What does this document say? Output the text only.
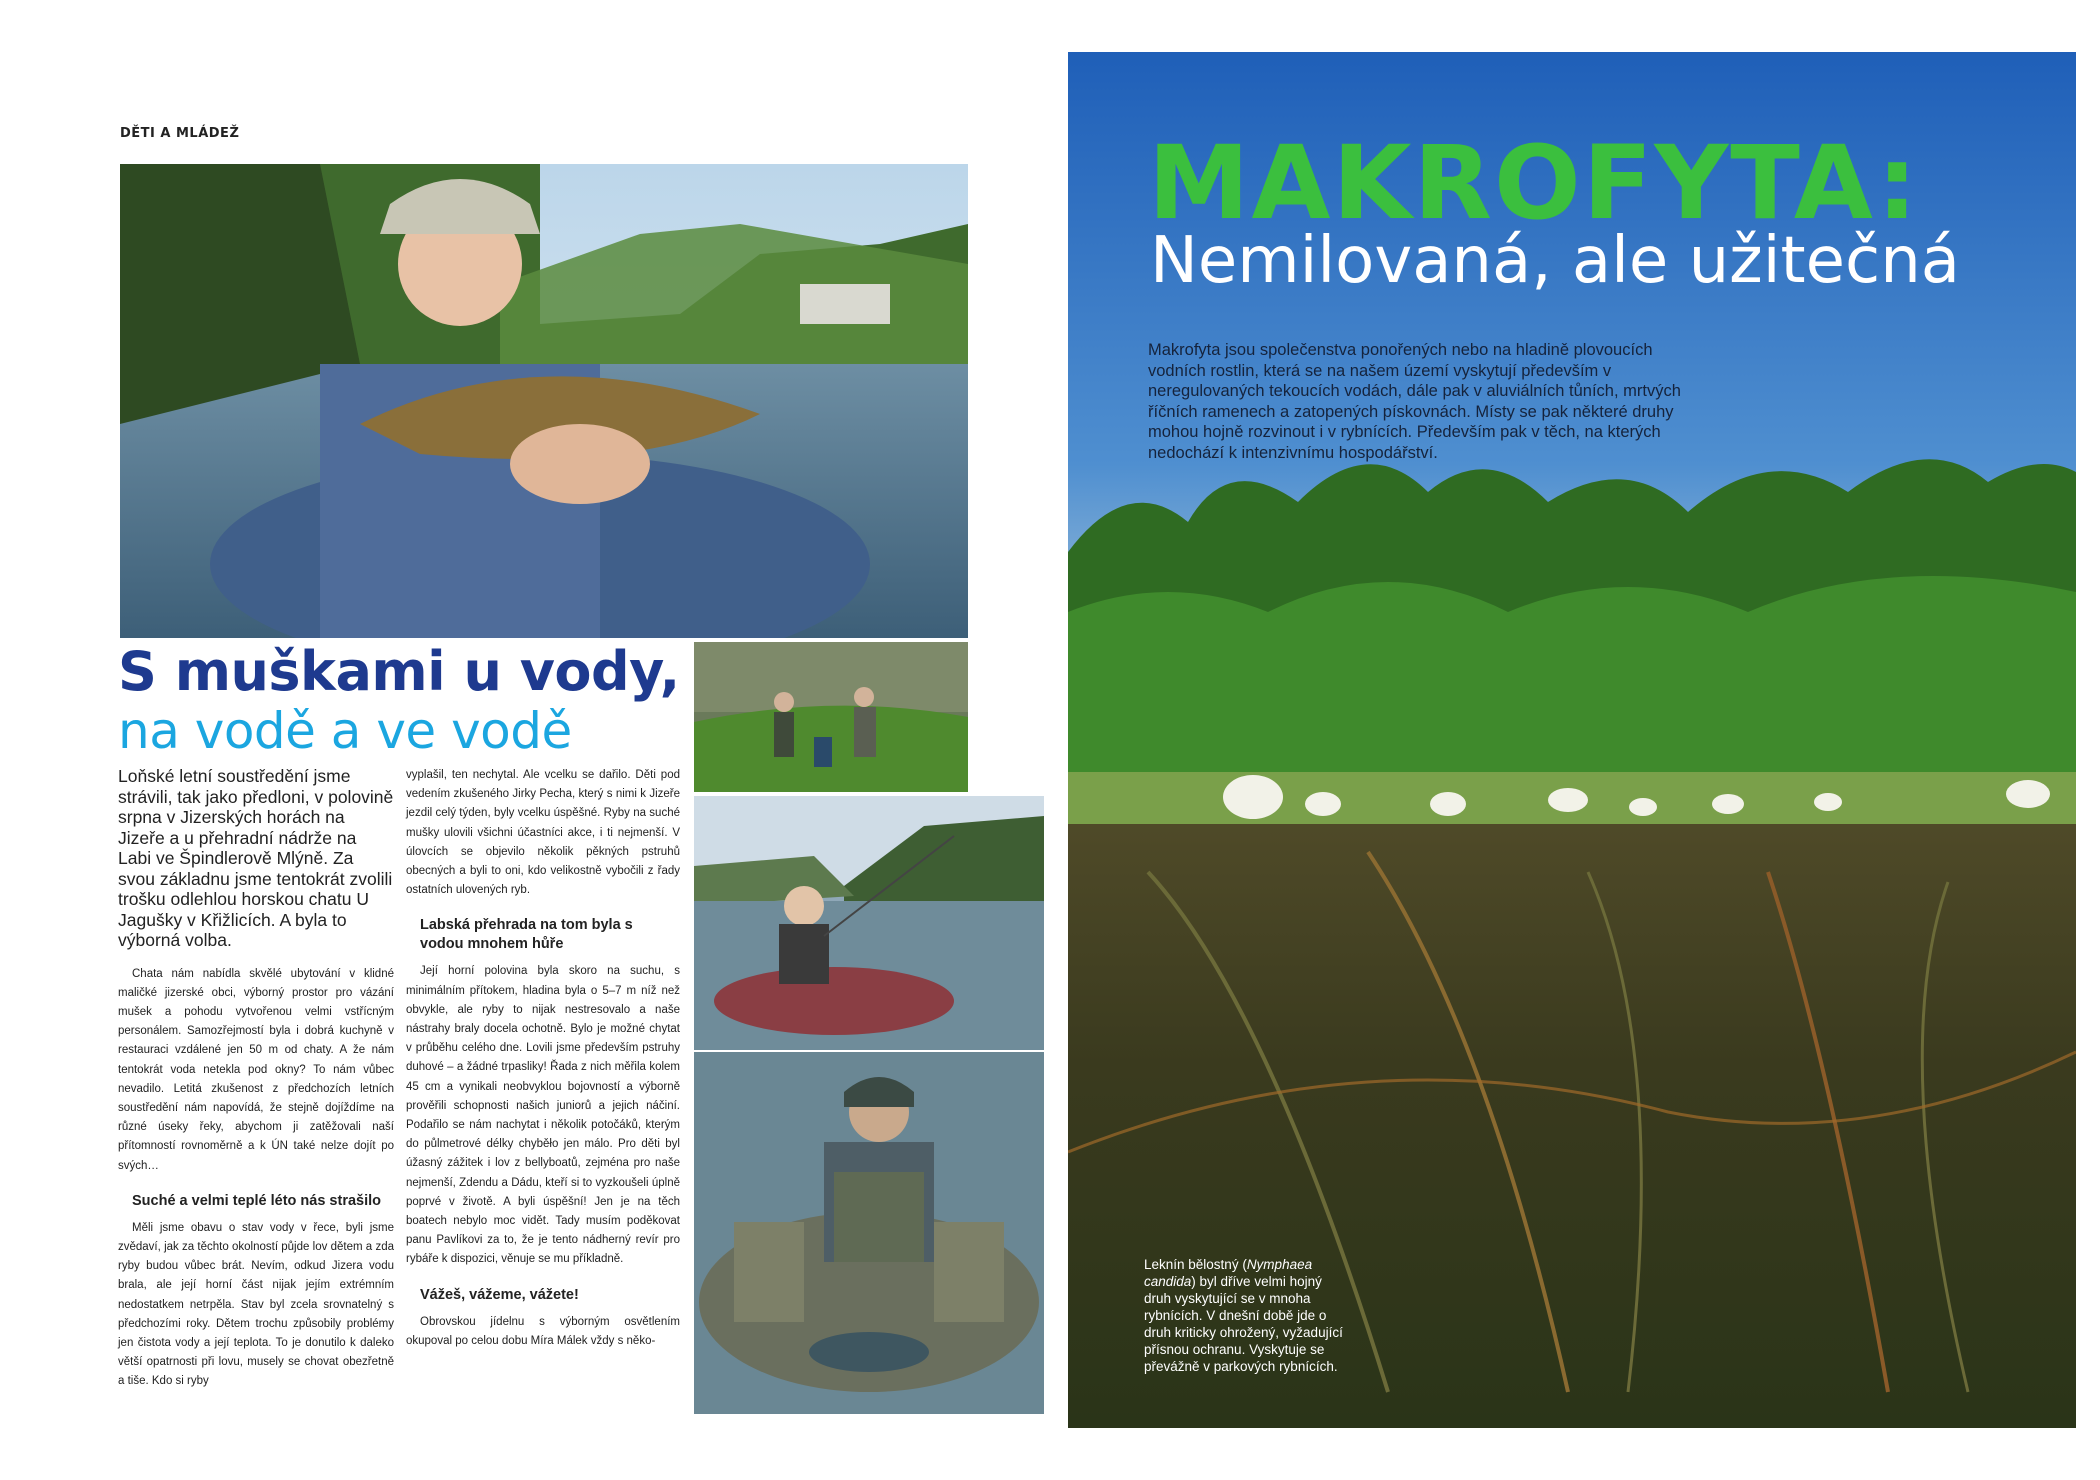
DĚTI A MLÁDEŽ
S muškami u vody,
na vodě a ve vodě

Loňské letní soustředění jsme strávili, tak jako předloni, v polovině srpna v Jizerských horách na Jizeře a u přehradní nádrže na Labi ve Špindlerově Mlýně. Za svou základnu jsme tentokrát zvolili trošku odlehlou horskou chatu U Jagušky v Křižlicích. A byla to výborná volba.

Chata nám nabídla skvělé ubytování v klidné maličké jizerské obci, výborný prostor pro vázání mušek a pohodu vytvořenou velmi vstřícným personálem. Samozřejmostí byla i dobrá kuchyně v restauraci vzdálené jen 50 m od chaty. A že nám tentokrát voda netekla pod okny? To nám vůbec nevadilo. Letitá zkušenost z předchozích letních soustředění nám napovídá, že stejně dojíždíme na různé úseky řeky, abychom ji zatěžovali naší přítomností rovnoměrně a k ÚN také nelze dojít po svých…

Suché a velmi teplé léto nás strašilo

Měli jsme obavu o stav vody v řece, byli jsme zvědaví, jak za těchto okolností půjde lov dětem a zda ryby budou vůbec brát. Nevím, odkud Jizera vodu brala, ale její horní část nijak jejím extrémním nedostatkem netrpěla. Stav byl zcela srovnatelný s předchozími roky. Dětem trochu způsobily problémy jen čistota vody a její teplota. To je donutilo k daleko větší opatrnosti při lovu, musely se chovat obezřetně a tiše. Kdo si ryby

vyplašil, ten nechytal. Ale vcelku se dařilo. Děti pod vedením zkušeného Jirky Pecha, který s nimi k Jizeře jezdil celý týden, byly vcelku úspěšné. Ryby na suché mušky ulovili všichni účastníci akce, i ti nejmenší. V úlovcích se objevilo několik pěkných pstruhů obecných a byli to oni, kdo velikostně vybočili z řady ostatních ulovených ryb.

Labská přehrada na tom byla s vodou mnohem hůře

Její horní polovina byla skoro na suchu, s minimálním přítokem, hladina byla o 5–7 m níž než obvykle, ale ryby to nijak nestresovalo a naše nástrahy braly docela ochotně. Bylo je možné chytat v průběhu celého dne. Lovili jsme především pstruhy duhové – a žádné trpasliky! Řada z nich měřila kolem 45 cm a vynikali neobvyklou bojovností a výborně prověřili schopnosti našich juniorů a jejich náčiní. Podařilo se nám nachytat i několik potočáků, kterým do půlmetrové délky chyběło jen málo. Pro děti byl úžasný zážitek i lov z bellyboatů, zejména pro naše nejmenší, Zdendu a Dádu, kteří si to vyzkoušeli úplně poprvé v životě. A byli úspěšní! Jen je na těch boatech nebylo moc vidět. Tady musím poděkovat panu Pavlíkovi za to, že je tento nádherný revír pro rybáře k dispozici, věnuje se mu příkladně.

Vážeš, vážeme, vážete!

Obrovskou jídelnu s výborným osvětlením okupoval po celou dobu Míra Málek vždy s někо-

MAKROFYTA:
Nemilovaná, ale užitečná

Makrofyta jsou společenstva ponořených nebo na hladině plovoucích vodních rostlin, která se na našem území vyskytují především v neregulovaných tekoucích vodách, dále pak v aluviálních tůních, mrtvých říčních ramenech a zatopených pískovnách. Místy se pak některé druhy mohou hojně rozvinout i v rybnících. Především pak v těch, na kterých nedochází k intenzivnímu hospodářství.

Leknín bělostný (Nymphaea candida) byl dříve velmi hojný druh vyskytující se v mnoha rybnících. V dnešní době jde o druh kriticky ohrožený, vyžadující přísnou ochranu. Vyskytuje se převážně v parkových rybnících.
